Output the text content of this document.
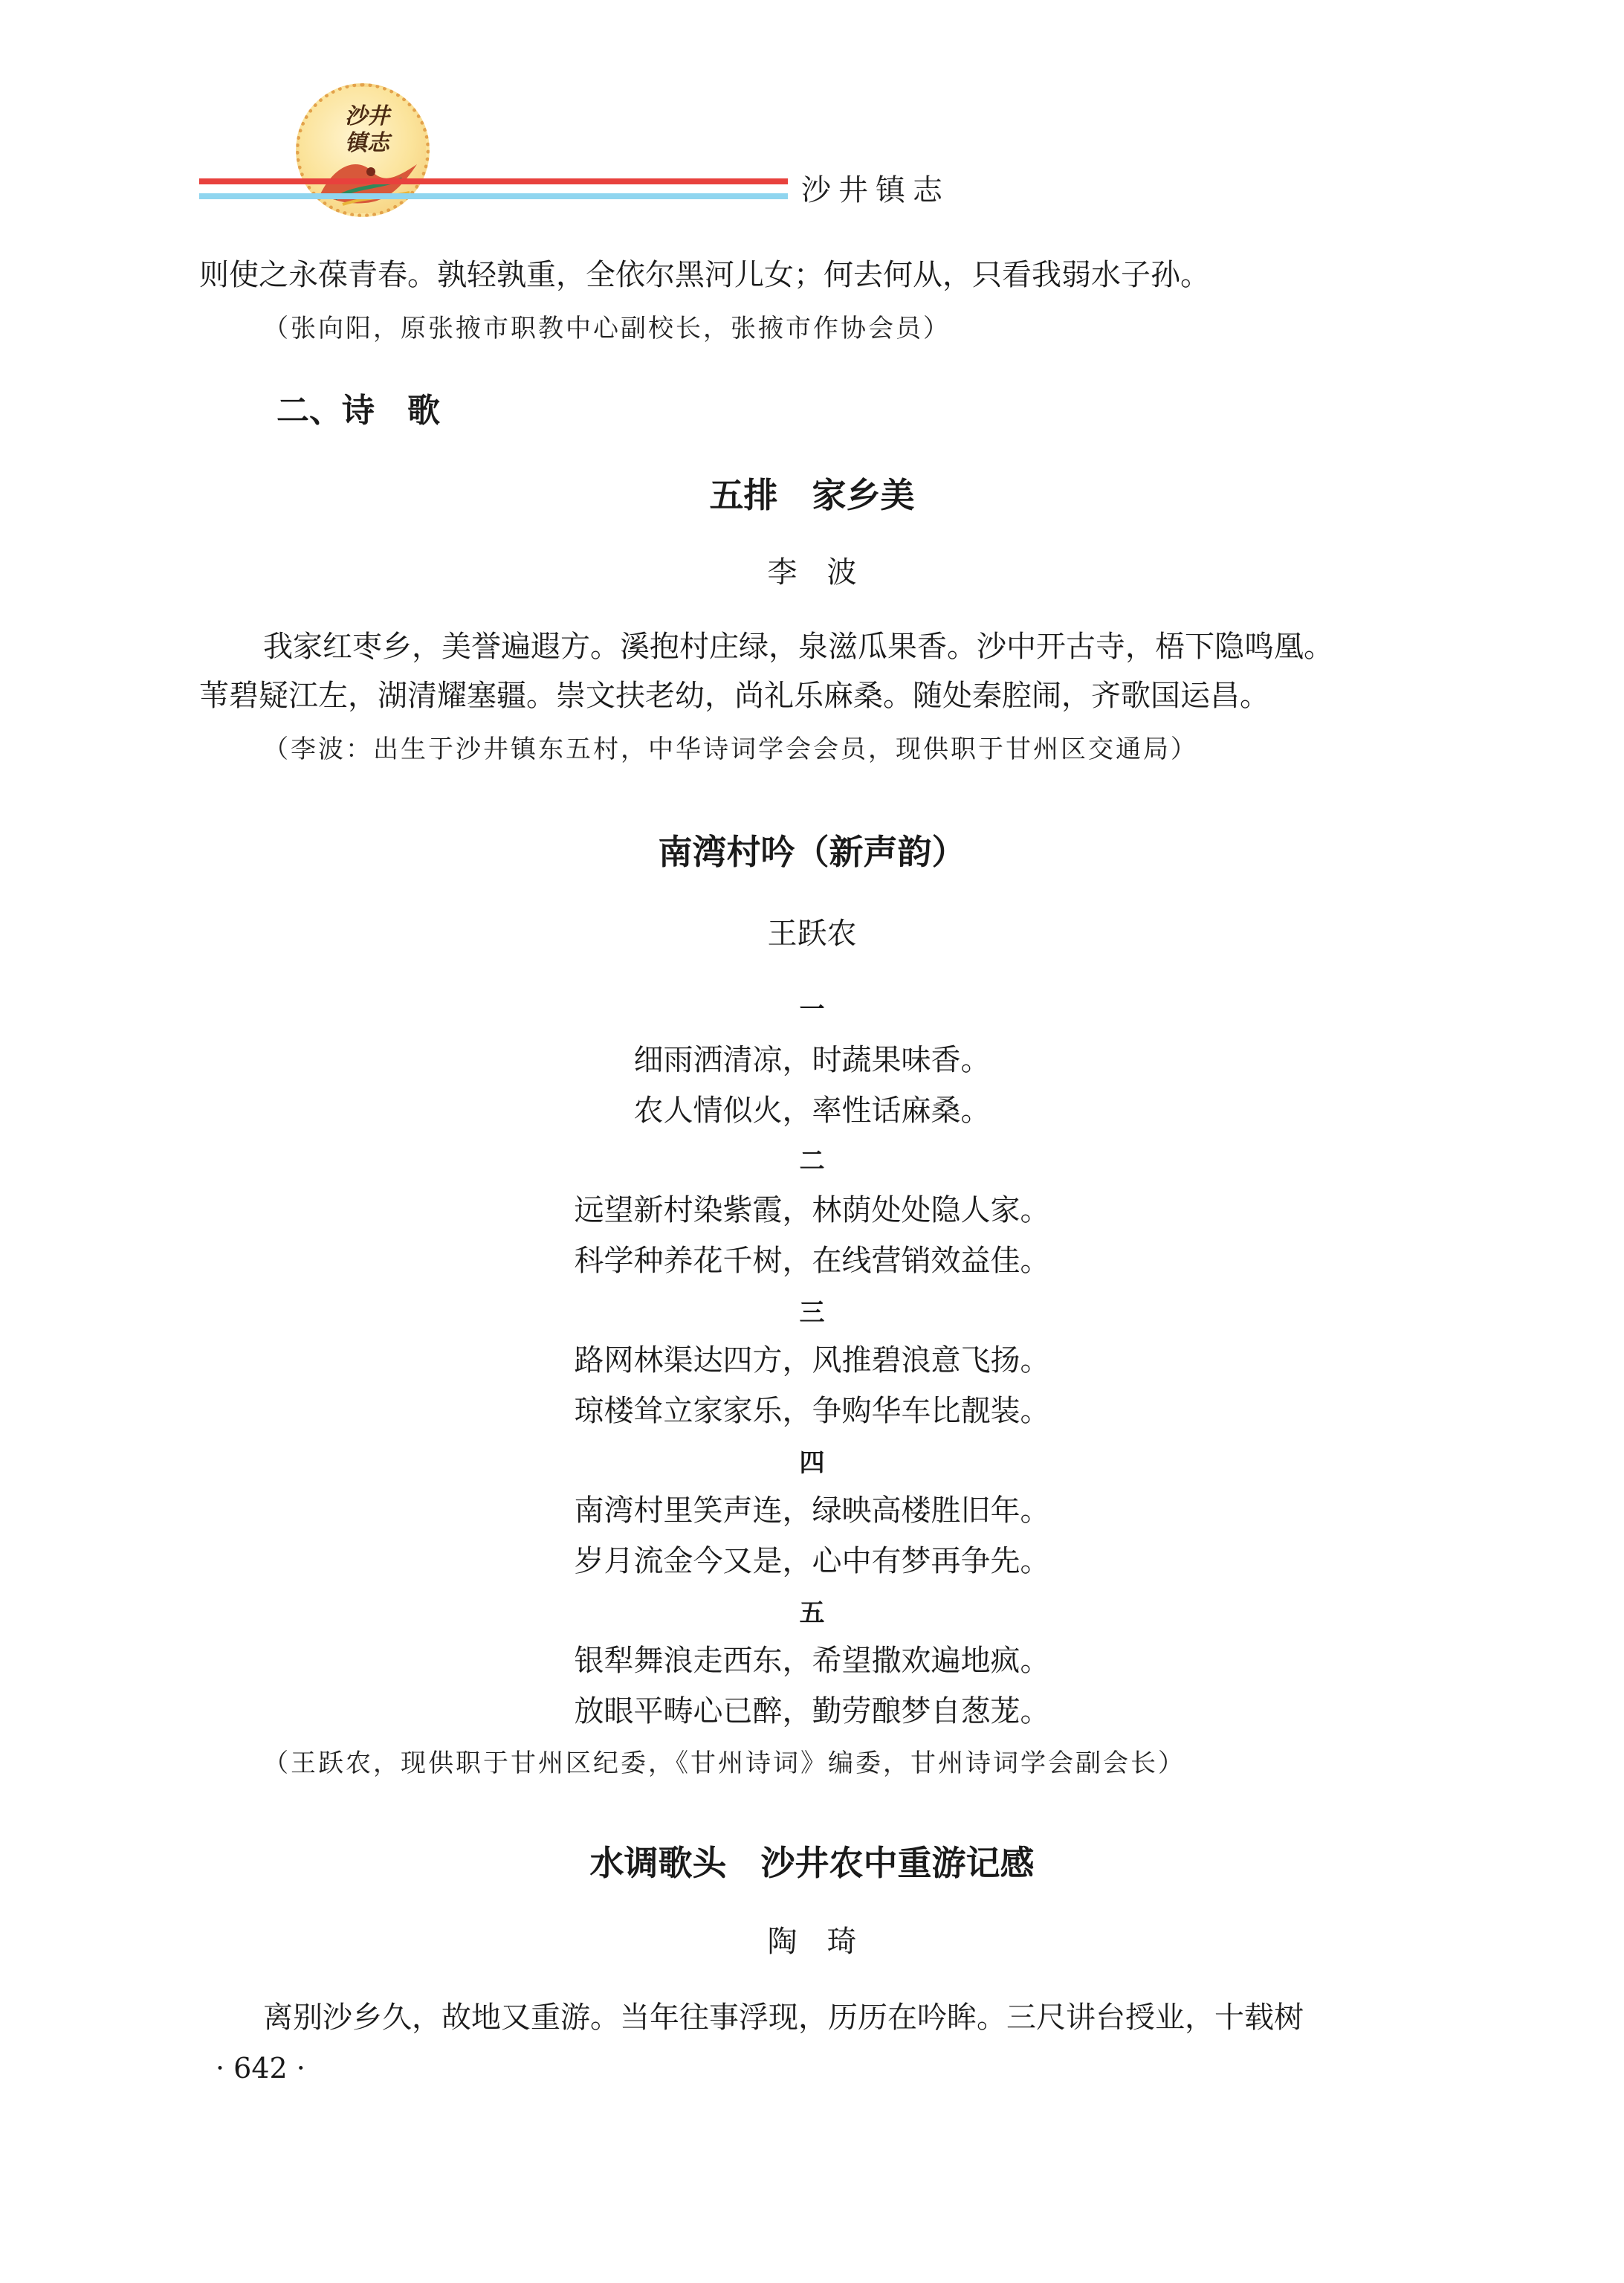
沙井
镇志
沙井镇志
则使之永葆青春。孰轻孰重，全依尔黑河儿女；何去何从，只看我弱水子孙。
（张向阳，原张掖市职教中心副校长，张掖市作协会员）
二、诗　歌
五排　家乡美
李　波
我家红枣乡，美誉遍遐方。溪抱村庄绿，泉滋瓜果香。沙中开古寺，梧下隐鸣凰。
苇碧疑江左，湖清耀塞疆。崇文扶老幼，尚礼乐麻桑。随处秦腔闹，齐歌国运昌。
（李波：出生于沙井镇东五村，中华诗词学会会员，现供职于甘州区交通局）
南湾村吟（新声韵）
王跃农
一
细雨洒清凉，时蔬果味香。
农人情似火，率性话麻桑。
二
远望新村染紫霞，林荫处处隐人家。
科学种养花千树，在线营销效益佳。
三
路网林渠达四方，风推碧浪意飞扬。
琼楼耸立家家乐，争购华车比靓装。
四
南湾村里笑声连，绿映高楼胜旧年。
岁月流金今又是，心中有梦再争先。
五
银犁舞浪走西东，希望撒欢遍地疯。
放眼平畴心已醉，勤劳酿梦自葱茏。
（王跃农，现供职于甘州区纪委，《甘州诗词》编委，甘州诗词学会副会长）
水调歌头　沙井农中重游记感
陶　琦
离别沙乡久，故地又重游。当年往事浮现，历历在吟眸。三尺讲台授业，十载树
· 642 ·
